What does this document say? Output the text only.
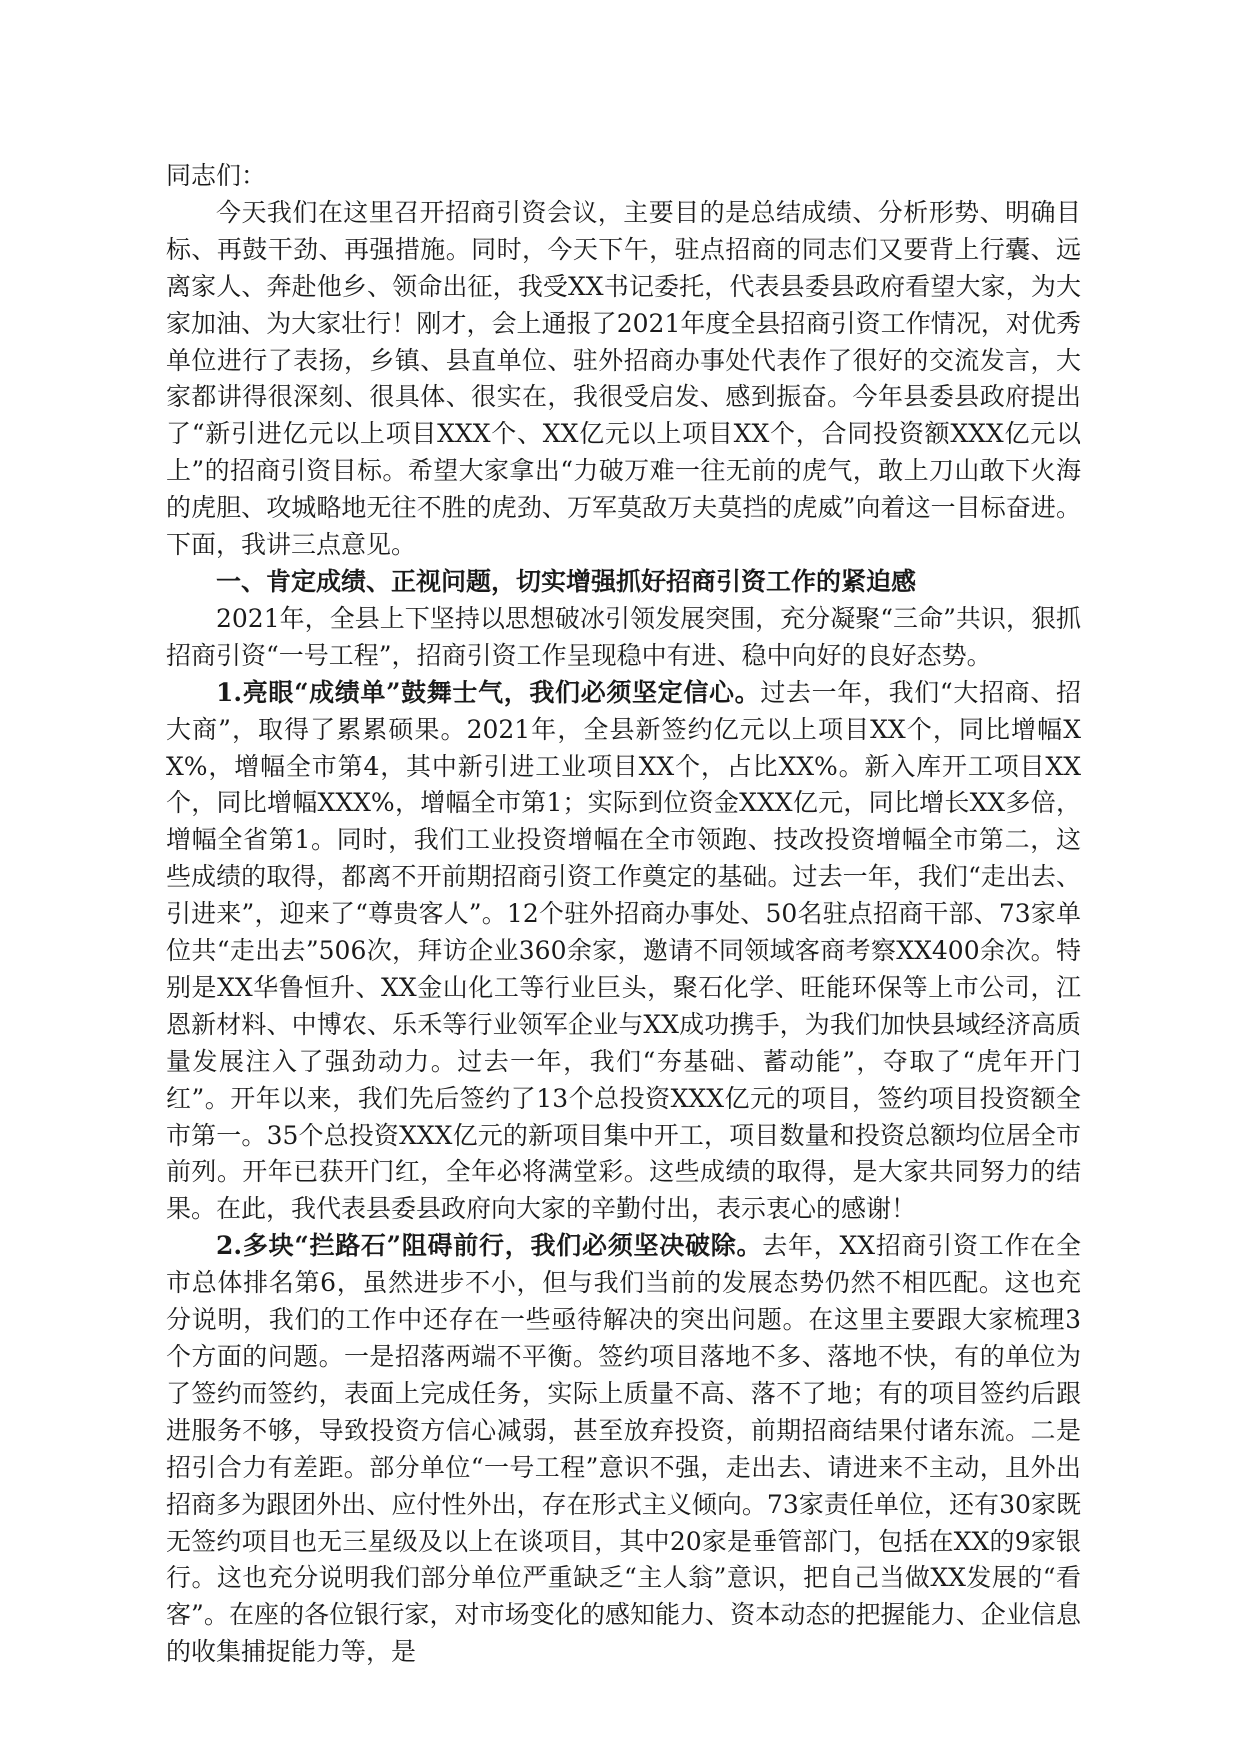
同志们：

今天我们在这里召开招商引资会议，主要目的是总结成绩、分析形势、明确目标、再鼓干劲、再强措施。同时，今天下午，驻点招商的同志们又要背上行囊、远离家人、奔赴他乡、领命出征，我受XX书记委托，代表县委县政府看望大家，为大家加油、为大家壮行！刚才，会上通报了2021年度全县招商引资工作情况，对优秀单位进行了表扬，乡镇、县直单位、驻外招商办事处代表作了很好的交流发言，大家都讲得很深刻、很具体、很实在，我很受启发、感到振奋。今年县委县政府提出了“新引进亿元以上项目XXX个、XX亿元以上项目XX个，合同投资额XXX亿元以上”的招商引资目标。希望大家拿出“力破万难一往无前的虎气，敢上刀山敢下火海的虎胆、攻城略地无往不胜的虎劲、万军莫敌万夫莫挡的虎威”向着这一目标奋进。下面，我讲三点意见。

一、肯定成绩、正视问题，切实增强抓好招商引资工作的紧迫感

2021年，全县上下坚持以思想破冰引领发展突围，充分凝聚“三命”共识，狠抓招商引资“一号工程”，招商引资工作呈现稳中有进、稳中向好的良好态势。

1.亮眼“成绩单”鼓舞士气，我们必须坚定信心。过去一年，我们“大招商、招大商”，取得了累累硕果。2021年，全县新签约亿元以上项目XX个，同比增幅XX%，增幅全市第4，其中新引进工业项目XX个，占比XX%。新入库开工项目XX个，同比增幅XXX%，增幅全市第1；实际到位资金XXX亿元，同比增长XX多倍，增幅全省第1。同时，我们工业投资增幅在全市领跑、技改投资增幅全市第二，这些成绩的取得，都离不开前期招商引资工作奠定的基础。过去一年，我们“走出去、引进来”，迎来了“尊贵客人”。12个驻外招商办事处、50名驻点招商干部、73家单位共“走出去”506次，拜访企业360余家，邀请不同领域客商考察XX400余次。特别是XX华鲁恒升、XX金山化工等行业巨头，聚石化学、旺能环保等上市公司，江恩新材料、中博农、乐禾等行业领军企业与XX成功携手，为我们加快县域经济高质量发展注入了强劲动力。过去一年，我们“夯基础、蓄动能”，夺取了“虎年开门红”。开年以来，我们先后签约了13个总投资XXX亿元的项目，签约项目投资额全市第一。35个总投资XXX亿元的新项目集中开工，项目数量和投资总额均位居全市前列。开年已获开门红，全年必将满堂彩。这些成绩的取得，是大家共同努力的结果。在此，我代表县委县政府向大家的辛勤付出，表示衷心的感谢！

2.多块“拦路石”阻碍前行，我们必须坚决破除。去年，XX招商引资工作在全市总体排名第6，虽然进步不小，但与我们当前的发展态势仍然不相匹配。这也充分说明，我们的工作中还存在一些亟待解决的突出问题。在这里主要跟大家梳理3个方面的问题。一是招落两端不平衡。签约项目落地不多、落地不快，有的单位为了签约而签约，表面上完成任务，实际上质量不高、落不了地；有的项目签约后跟进服务不够，导致投资方信心减弱，甚至放弃投资，前期招商结果付诸东流。二是招引合力有差距。部分单位“一号工程”意识不强，走出去、请进来不主动，且外出招商多为跟团外出、应付性外出，存在形式主义倾向。73家责任单位，还有30家既无签约项目也无三星级及以上在谈项目，其中20家是垂管部门，包括在XX的9家银行。这也充分说明我们部分单位严重缺乏“主人翁”意识，把自己当做XX发展的“看客”。在座的各位银行家，对市场变化的感知能力、资本动态的把握能力、企业信息的收集捕捉能力等，是
